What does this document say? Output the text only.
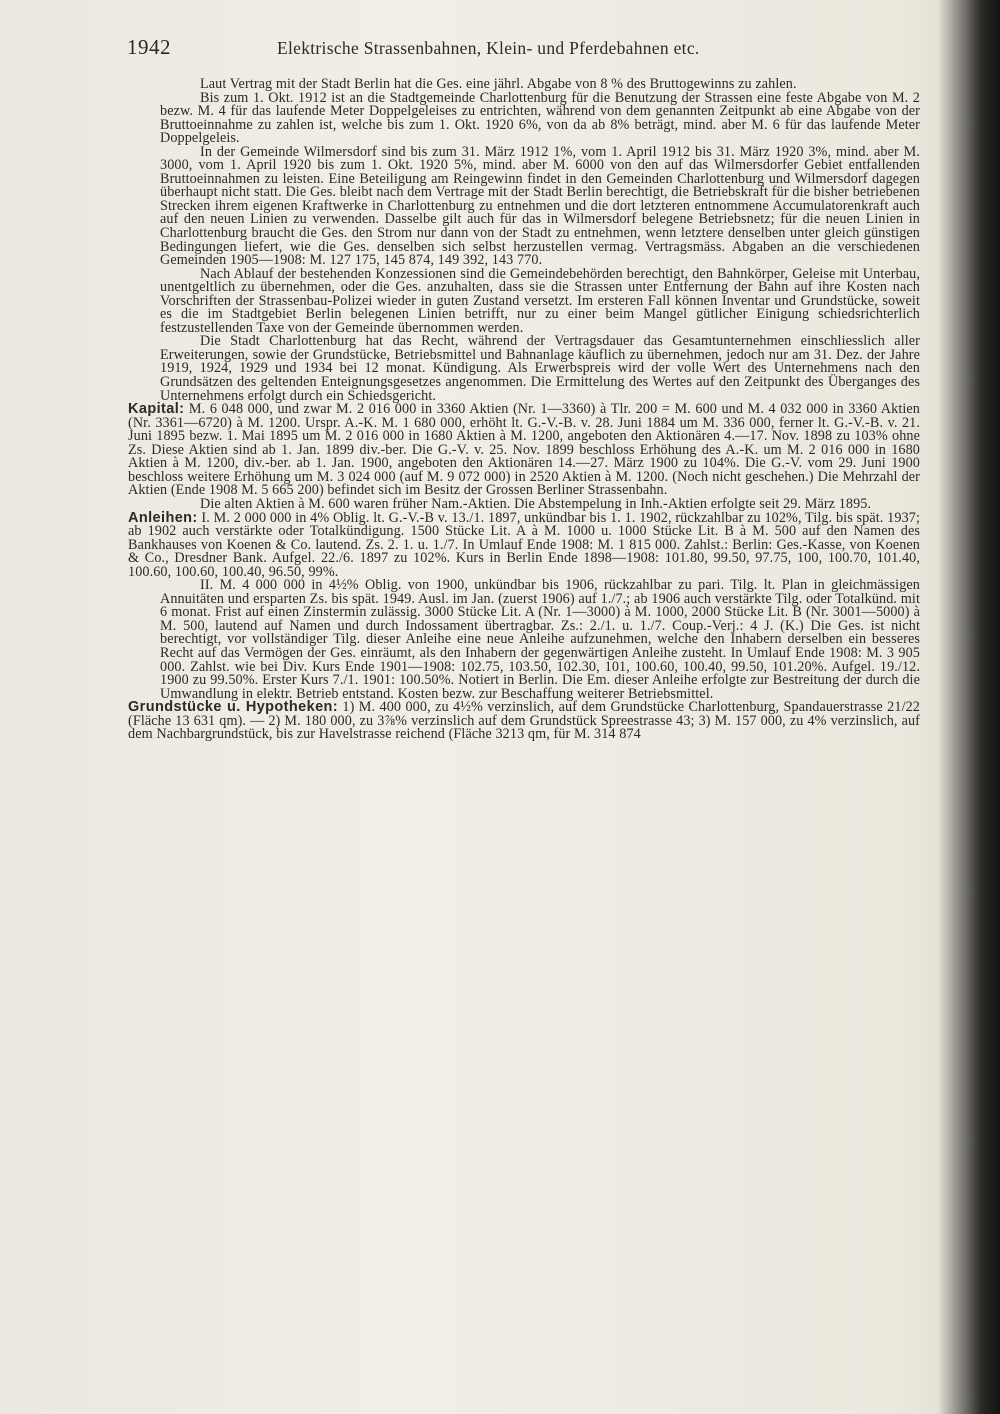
1942	Elektrische Strassenbahnen, Klein- und Pferdebahnen etc.

Laut Vertrag mit der Stadt Berlin hat die Ges. eine jährl. Abgabe von 8 % des Bruttogewinns zu zahlen.

Bis zum 1. Okt. 1912 ist an die Stadtgemeinde Charlottenburg für die Benutzung der Strassen eine feste Abgabe von M. 2 bezw. M. 4 für das laufende Meter Doppelgeleises zu entrichten, während von dem genannten Zeitpunkt ab eine Abgabe von der Bruttoeinnahme zu zahlen ist, welche bis zum 1. Okt. 1920 6%, von da ab 8% beträgt, mind. aber M. 6 für das laufende Meter Doppelgeleis.

In der Gemeinde Wilmersdorf sind bis zum 31. März 1912 1%, vom 1. April 1912 bis 31. März 1920 3%, mind. aber M. 3000, vom 1. April 1920 bis zum 1. Okt. 1920 5%, mind. aber M. 6000 von den auf das Wilmersdorfer Gebiet entfallenden Bruttoeinnahmen zu leisten. Eine Beteiligung am Reingewinn findet in den Gemeinden Charlottenburg und Wilmersdorf dagegen überhaupt nicht statt. Die Ges. bleibt nach dem Vertrage mit der Stadt Berlin berechtigt, die Betriebskraft für die bisher betriebenen Strecken ihrem eigenen Kraftwerke in Charlottenburg zu entnehmen und die dort letzteren entnommene Accumulatorenkraft auch auf den neuen Linien zu verwenden. Dasselbe gilt auch für das in Wilmersdorf belegene Betriebsnetz; für die neuen Linien in Charlottenburg braucht die Ges. den Strom nur dann von der Stadt zu entnehmen, wenn letztere denselben unter gleich günstigen Bedingungen liefert, wie die Ges. denselben sich selbst herzustellen vermag. Vertragsmäss. Abgaben an die verschiedenen Gemeinden 1905—1908: M. 127 175, 145 874, 149 392, 143 770.

Nach Ablauf der bestehenden Konzessionen sind die Gemeindebehörden berechtigt, den Bahnkörper, Geleise mit Unterbau, unentgeltlich zu übernehmen, oder die Ges. anzuhalten, dass sie die Strassen unter Entfernung der Bahn auf ihre Kosten nach Vorschriften der Strassenbau-Polizei wieder in guten Zustand versetzt. Im ersteren Fall können Inventar und Grundstücke, soweit es die im Stadtgebiet Berlin belegenen Linien betrifft, nur zu einer beim Mangel gütlicher Einigung schiedsrichterlich festzustellenden Taxe von der Gemeinde übernommen werden.

Die Stadt Charlottenburg hat das Recht, während der Vertragsdauer das Gesamtunternehmen einschliesslich aller Erweiterungen, sowie der Grundstücke, Betriebsmittel und Bahnanlage käuflich zu übernehmen, jedoch nur am 31. Dez. der Jahre 1919, 1924, 1929 und 1934 bei 12 monat. Kündigung. Als Erwerbspreis wird der volle Wert des Unternehmens nach den Grundsätzen des geltenden Enteignungsgesetzes angenommen. Die Ermittelung des Wertes auf den Zeitpunkt des Überganges des Unternehmens erfolgt durch ein Schiedsgericht.

Kapital: M. 6 048 000, und zwar M. 2 016 000 in 3360 Aktien (Nr. 1—3360) à Tlr. 200 = M. 600 und M. 4 032 000 in 3360 Aktien (Nr. 3361—6720) à M. 1200. Urspr. A.-K. M. 1 680 000, erhöht lt. G.-V.-B. v. 28. Juni 1884 um M. 336 000, ferner lt. G.-V.-B. v. 21. Juni 1895 bezw. 1. Mai 1895 um M. 2 016 000 in 1680 Aktien à M. 1200, angeboten den Aktionären 4.—17. Nov. 1898 zu 103% ohne Zs. Diese Aktien sind ab 1. Jan. 1899 div.-ber. Die G.-V. v. 25. Nov. 1899 beschloss Erhöhung des A.-K. um M. 2 016 000 in 1680 Aktien à M. 1200, div.-ber. ab 1. Jan. 1900, angeboten den Aktionären 14.—27. März 1900 zu 104%. Die G.-V. vom 29. Juni 1900 beschloss weitere Erhöhung um M. 3 024 000 (auf M. 9 072 000) in 2520 Aktien à M. 1200. (Noch nicht geschehen.) Die Mehrzahl der Aktien (Ende 1908 M. 5 665 200) befindet sich im Besitz der Grossen Berliner Strassenbahn.

Die alten Aktien à M. 600 waren früher Nam.-Aktien. Die Abstempelung in Inh.-Aktien erfolgte seit 29. März 1895.

Anleihen: I. M. 2 000 000 in 4% Oblig. lt. G.-V.-B v. 13./1. 1897, unkündbar bis 1. 1. 1902, rückzahlbar zu 102%, Tilg. bis spät. 1937; ab 1902 auch verstärkte oder Totalkündigung. 1500 Stücke Lit. A à M. 1000 u. 1000 Stücke Lit. B à M. 500 auf den Namen des Bankhauses von Koenen & Co. lautend. Zs. 2. 1. u. 1./7. In Umlauf Ende 1908: M. 1 815 000. Zahlst.: Berlin: Ges.-Kasse, von Koenen & Co., Dresdner Bank. Aufgel. 22./6. 1897 zu 102%. Kurs in Berlin Ende 1898—1908: 101.80, 99.50, 97.75, 100, 100.70, 101.40, 100.60, 100.60, 100.40, 96.50, 99%.

II. M. 4 000 000 in 4½% Oblig. von 1900, unkündbar bis 1906, rückzahlbar zu pari. Tilg. lt. Plan in gleichmässigen Annuitäten und ersparten Zs. bis spät. 1949. Ausl. im Jan. (zuerst 1906) auf 1./7.; ab 1906 auch verstärkte Tilg. oder Totalkünd. mit 6 monat. Frist auf einen Zinstermin zulässig. 3000 Stücke Lit. A (Nr. 1—3000) à M. 1000, 2000 Stücke Lit. B (Nr. 3001—5000) à M. 500, lautend auf Namen und durch Indossament übertragbar. Zs.: 2./1. u. 1./7. Coup.-Verj.: 4 J. (K.) Die Ges. ist nicht berechtigt, vor vollständiger Tilg. dieser Anleihe eine neue Anleihe aufzunehmen, welche den Inhabern derselben ein besseres Recht auf das Vermögen der Ges. einräumt, als den Inhabern der gegenwärtigen Anleihe zusteht. In Umlauf Ende 1908: M. 3 905 000. Zahlst. wie bei Div. Kurs Ende 1901—1908: 102.75, 103.50, 102.30, 101, 100.60, 100.40, 99.50, 101.20%. Aufgel. 19./12. 1900 zu 99.50%. Erster Kurs 7./1. 1901: 100.50%. Notiert in Berlin. Die Em. dieser Anleihe erfolgte zur Bestreitung der durch die Umwandlung in elektr. Betrieb entstand. Kosten bezw. zur Beschaffung weiterer Betriebsmittel.

Grundstücke u. Hypotheken: 1) M. 400 000, zu 4½% verzinslich, auf dem Grundstücke Charlottenburg, Spandauerstrasse 21/22 (Fläche 13 631 qm). — 2) M. 180 000, zu 3⅞% verzinslich auf dem Grundstück Spreestrasse 43; 3) M. 157 000, zu 4% verzinslich, auf dem Nachbargrundstück, bis zur Havelstrasse reichend (Fläche 3213 qm, für M. 314 874
